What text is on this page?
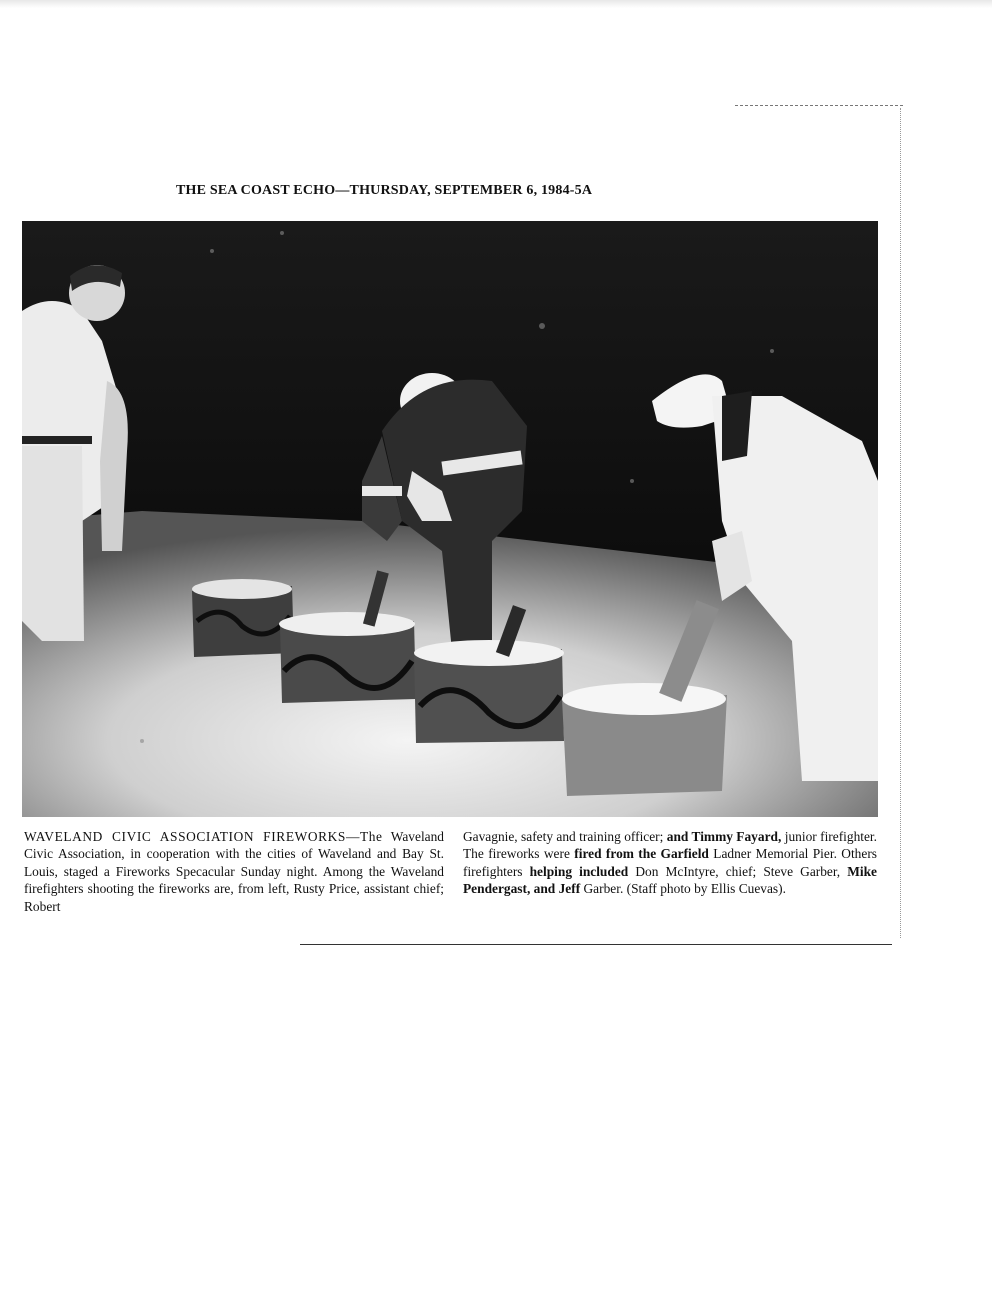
THE SEA COAST ECHO—THURSDAY, SEPTEMBER 6, 1984-5A
WAVELAND CIVIC ASSOCIATION FIREWORKS—The Waveland Civic Association, in cooperation with the cities of Waveland and Bay St. Louis, staged a Fireworks Specacular Sunday night. Among the Waveland firefighters shooting the fireworks are, from left, Rusty Price, assistant chief; Robert
Gavagnie, safety and training officer; and Timmy Fayard, junior firefighter. The fireworks were fired from the Garfield Ladner Memorial Pier. Others firefighters helping included Don McIntyre, chief; Steve Garber, Mike Pendergast, and Jeff Garber. (Staff photo by Ellis Cuevas).
